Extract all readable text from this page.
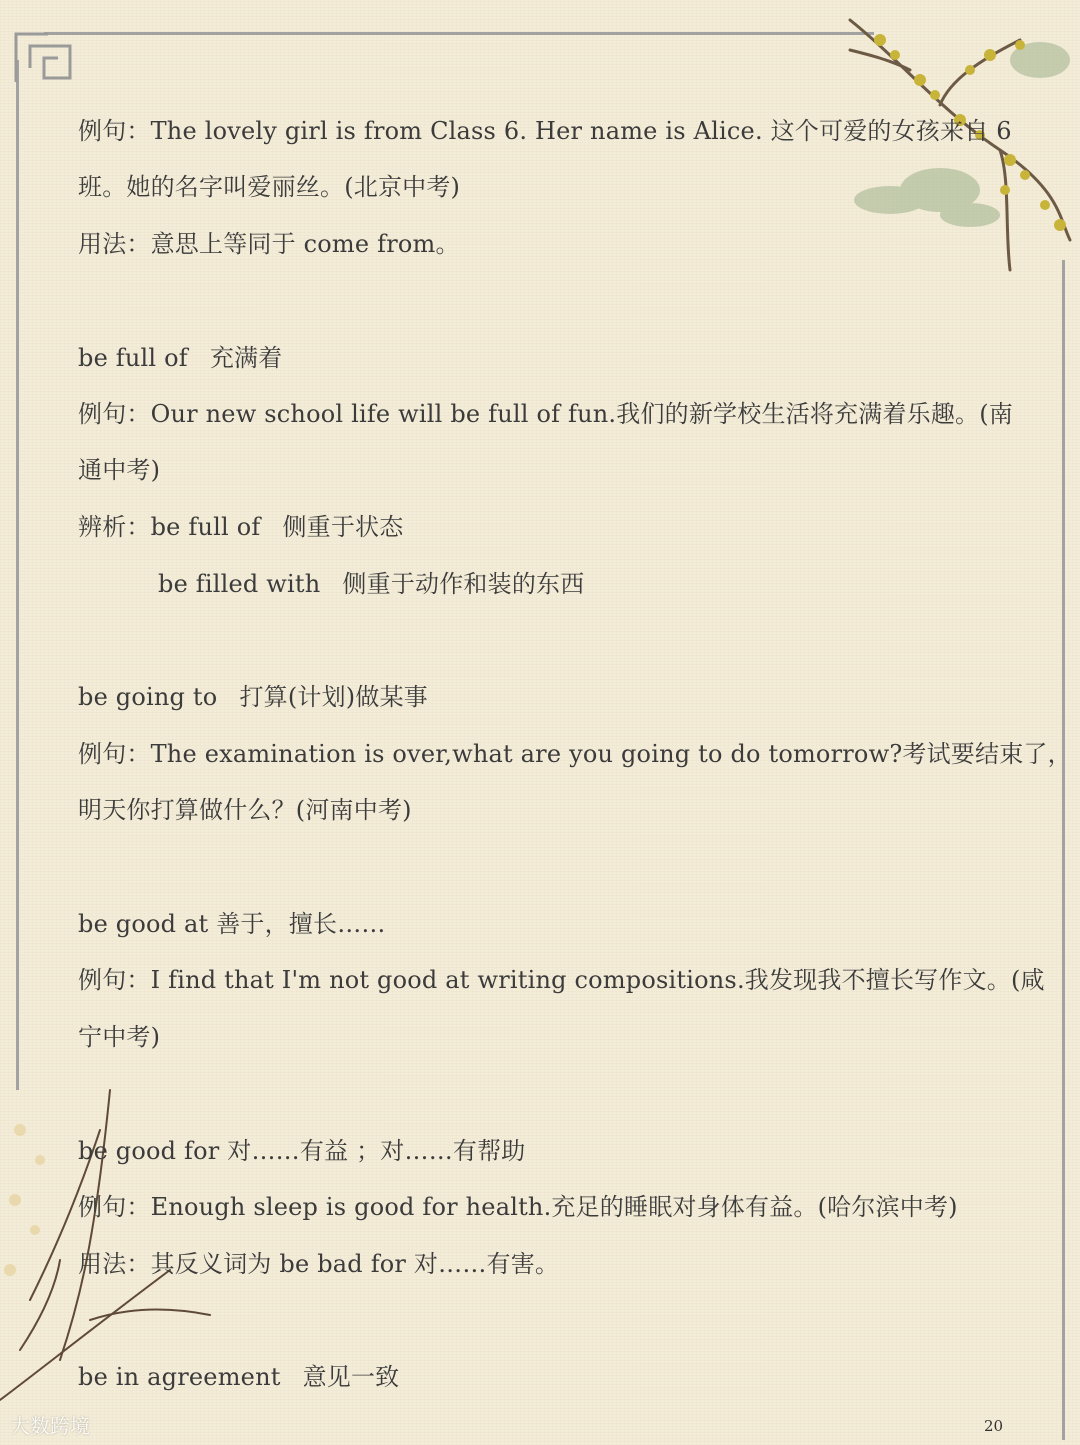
例句：The lovely girl is from Class 6. Her name is Alice. 这个可爱的女孩来自 6
班。她的名字叫爱丽丝。(北京中考)
用法：意思上等同于 come from。
be full of 充满着
例句：Our new school life will be full of fun.我们的新学校生活将充满着乐趣。(南
通中考)
辨析：be full of 侧重于状态
be filled with 侧重于动作和装的东西
be going to 打算(计划)做某事
例句：The examination is over,what are you going to do tomorrow?考试要结束了，
明天你打算做什么？(河南中考)
be good at 善于，擅长……
例句：I find that I'm not good at writing compositions.我发现我不擅长写作文。(咸
宁中考)
be good for 对……有益 ；对……有帮助
例句：Enough sleep is good for health.充足的睡眠对身体有益。(哈尔滨中考)
用法：其反义词为 be bad for 对……有害。
be in agreement 意见一致
20
大数跨境
